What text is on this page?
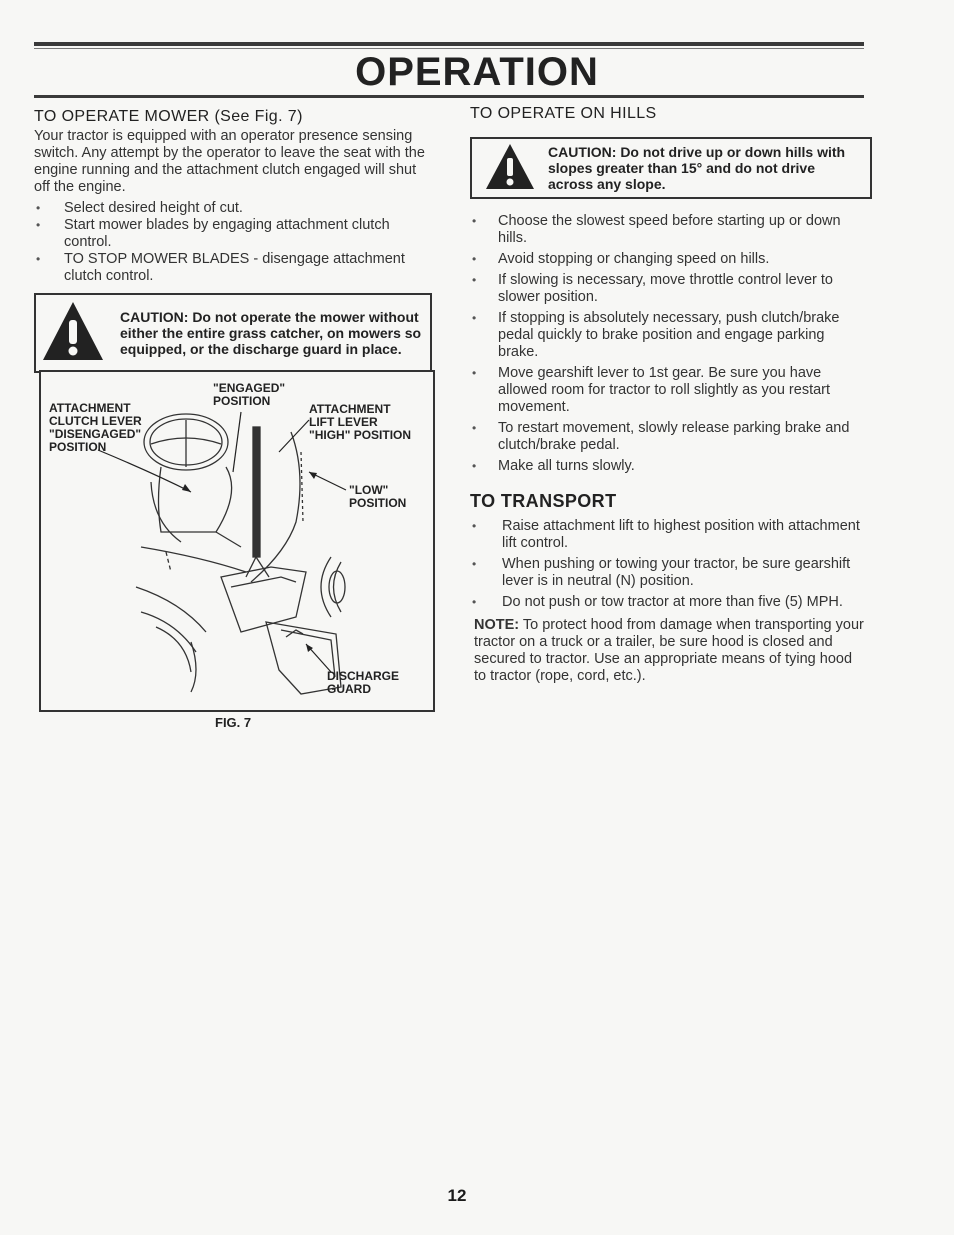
OPERATION
TO OPERATE MOWER (See Fig. 7)

Your tractor is equipped with an operator presence sensing switch. Any attempt by the operator to leave the seat with the engine running and the attachment clutch engaged will shut off the engine.

• Select desired height of cut.
• Start mower blades by engaging attachment clutch control.
• TO STOP MOWER BLADES - disengage attachment clutch control.
CAUTION: Do not operate the mower without either the entire grass catcher, on mowers so equipped, or the discharge guard in place.
"ENGAGED"
POSITION
ATTACHMENT
CLUTCH LEVER
"DISENGAGED"
POSITION
ATTACHMENT
LIFT LEVER
"HIGH" POSITION
"LOW"
POSITION
DISCHARGE
GUARD
FIG. 7
TO OPERATE ON HILLS
CAUTION: Do not drive up or down hills with slopes greater than 15° and do not drive across any slope.
• Choose the slowest speed before starting up or down hills.
• Avoid stopping or changing speed on hills.
• If slowing is necessary, move throttle control lever to slower position.
• If stopping is absolutely necessary, push clutch/brake pedal quickly to brake position and engage parking brake.
• Move gearshift lever to 1st gear. Be sure you have allowed room for tractor to roll slightly as you restart movement.
• To restart movement, slowly release parking brake and clutch/brake pedal.
• Make all turns slowly.
TO TRANSPORT
• Raise attachment lift to highest position with attachment lift control.
• When pushing or towing your tractor, be sure gearshift lever is in neutral (N) position.
• Do not push or tow tractor at more than five (5) MPH.

NOTE: To protect hood from damage when transporting your tractor on a truck or a trailer, be sure hood is closed and secured to tractor. Use an appropriate means of tying hood to tractor (rope, cord, etc.).

12
